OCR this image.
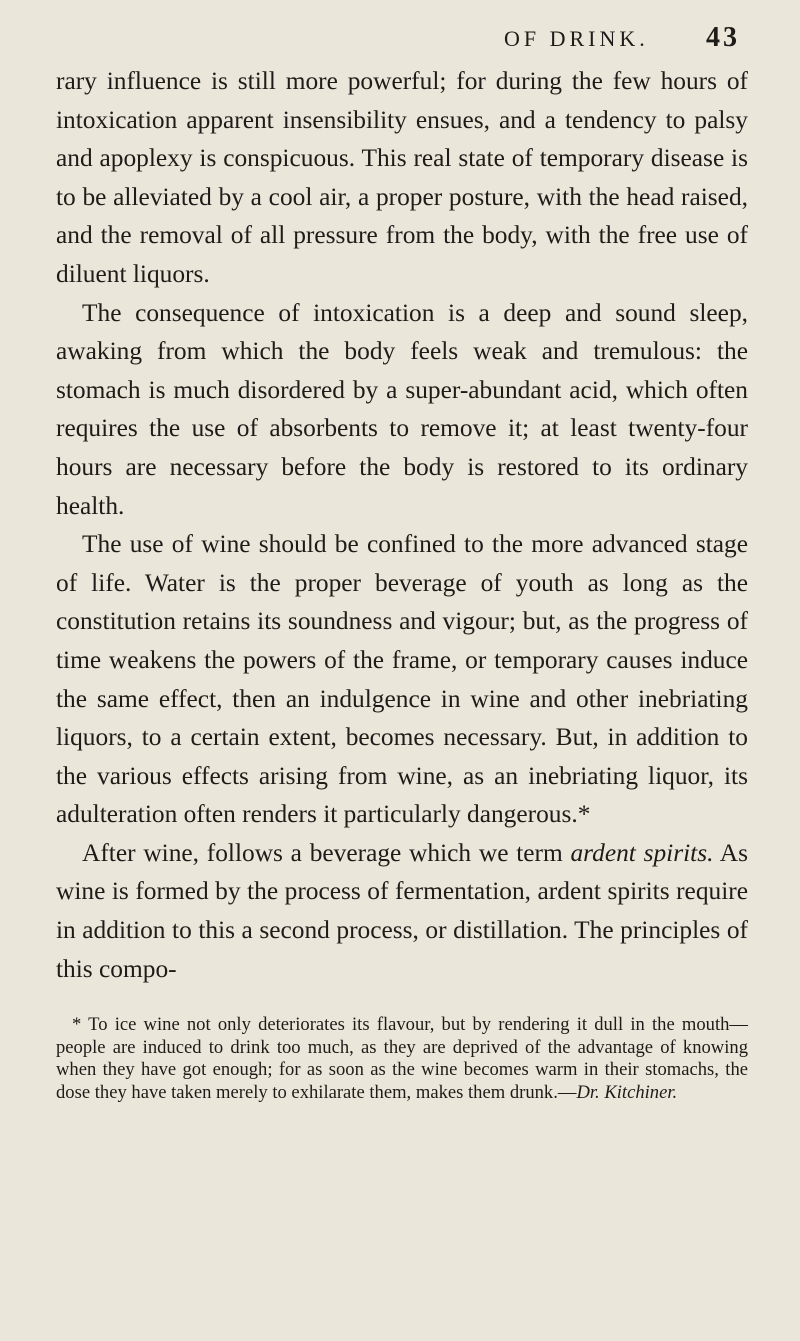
OF DRINK. 43

rary influence is still more powerful; for during the few hours of intoxication apparent insensibility ensues, and a tendency to palsy and apoplexy is conspicuous. This real state of temporary disease is to be alleviated by a cool air, a proper posture, with the head raised, and the removal of all pressure from the body, with the free use of diluent liquors.

The consequence of intoxication is a deep and sound sleep, awaking from which the body feels weak and tremulous: the stomach is much disordered by a super-abundant acid, which often requires the use of absorbents to remove it; at least twenty-four hours are necessary before the body is restored to its ordinary health.

The use of wine should be confined to the more advanced stage of life. Water is the proper beverage of youth as long as the constitution retains its soundness and vigour; but, as the progress of time weakens the powers of the frame, or temporary causes induce the same effect, then an indulgence in wine and other inebriating liquors, to a certain extent, becomes necessary. But, in addition to the various effects arising from wine, as an inebriating liquor, its adulteration often renders it particularly dangerous.*

After wine, follows a beverage which we term ardent spirits. As wine is formed by the process of fermentation, ardent spirits require in addition to this a second process, or distillation. The principles of this compo-

* To ice wine not only deteriorates its flavour, but by rendering it dull in the mouth—people are induced to drink too much, as they are deprived of the advantage of knowing when they have got enough; for as soon as the wine becomes warm in their stomachs, the dose they have taken merely to exhilarate them, makes them drunk.—Dr. Kitchiner.
